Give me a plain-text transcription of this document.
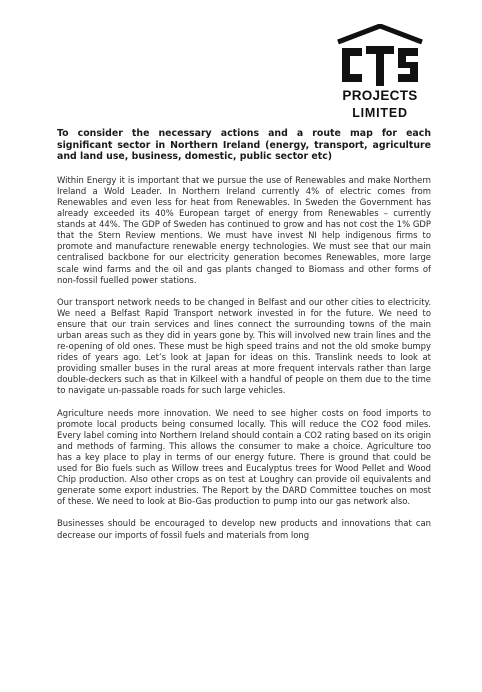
PROJECTS
LIMITED
To consider the necessary actions and a route map for each significant sector in Northern Ireland (energy, transport, agriculture and land use, business, domestic, public sector etc)

Within Energy it is important that we pursue the use of Renewables and make Northern Ireland a Wold Leader. In Northern Ireland currently 4% of electric comes from Renewables and even less for heat from Renewables. In Sweden the Government has already exceeded its 40% European target of energy from Renewables – currently stands at 44%. The GDP of Sweden has continued to grow and has not cost the 1% GDP that the Stern Review mentions. We must have invest NI help indigenous firms to promote and manufacture renewable energy technologies. We must see that our main centralised backbone for our electricity generation becomes Renewables, more large scale wind farms and the oil and gas plants changed to Biomass and other forms of non-fossil fuelled power stations.

Our transport network needs to be changed in Belfast and our other cities to electricity. We need a Belfast Rapid Transport network invested in for the future. We need to ensure that our train services and lines connect the surrounding towns of the main urban areas such as they did in years gone by. This will involved new train lines and the re-opening of old ones. These must be high speed trains and not the old smoke bumpy rides of years ago. Let’s look at Japan for ideas on this. Translink needs to look at providing smaller buses in the rural areas at more frequent intervals rather than large double-deckers such as that in Kilkeel with a handful of people on them due to the time to navigate un-passable roads for such large vehicles.

Agriculture needs more innovation. We need to see higher costs on food imports to promote local products being consumed locally. This will reduce the CO2 food miles. Every label coming into Northern Ireland should contain a CO2 rating based on its origin and methods of farming. This allows the consumer to make a choice. Agriculture too has a key place to play in terms of our energy future. There is ground that could be used for Bio fuels such as Willow trees and Eucalyptus trees for Wood Pellet and Wood Chip production. Also other crops as on test at Loughry can provide oil equivalents and generate some export industries. The Report by the DARD Committee touches on most of these. We need to look at Bio-Gas production to pump into our gas network also.

Businesses should be encouraged to develop new products and innovations that can decrease our imports of fossil fuels and materials from long
